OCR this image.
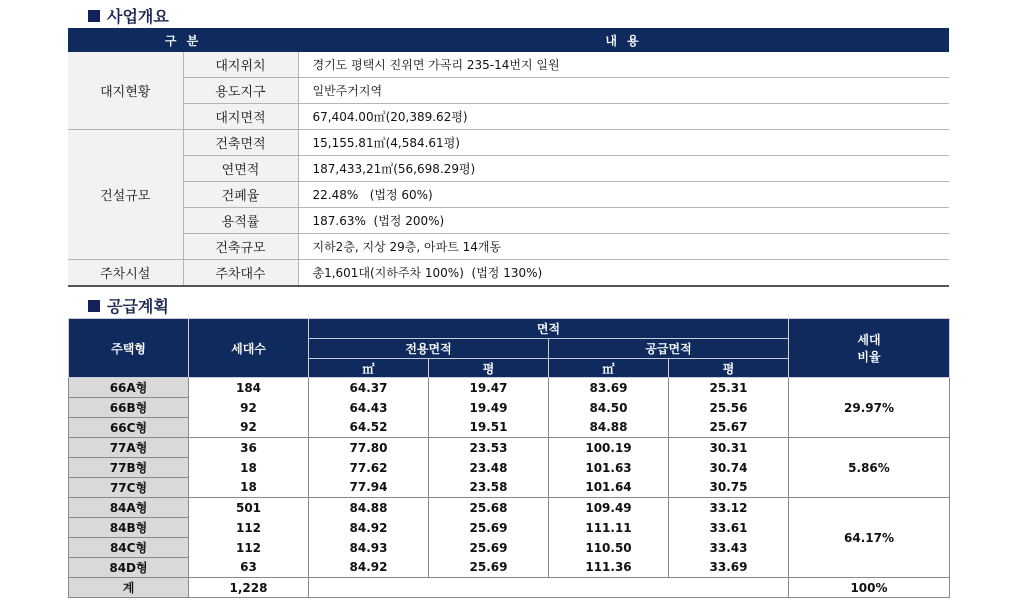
사업개요
구 분		내 용
대지현황	대지위치	경기도 평택시 진위면 가곡리 235-14번지 일원
	용도지구	일반주거지역
	대지면적	67,404.00㎡(20,389.62평)
건설규모	건축면적	15,155.81㎡(4,584.61평)
	연면적	187,433,21㎡(56,698.29평)
	건폐율	22.48%   (법정 60%)
	용적률	187.63%  (법정 200%)
	건축규모	지하2층, 지상 29층, 아파트 14개동
주차시설	주차대수	총1,601대(지하주차 100%)  (법정 130%)
공급계획
주택형	세대수	면적				세대
비율
		전용면적		공급면적		
		㎡	평	㎡	평	
66A형	184	64.37	19.47	83.69	25.31	29.97%
66B형	92	64.43	19.49	84.50	25.56	
66C형	92	64.52	19.51	84.88	25.67	
77A형	36	77.80	23.53	100.19	30.31	5.86%
77B형	18	77.62	23.48	101.63	30.74	
77C형	18	77.94	23.58	101.64	30.75	
84A형	501	84.88	25.68	109.49	33.12	64.17%
84B형	112	84.92	25.69	111.11	33.61	
84C형	112	84.93	25.69	110.50	33.43	
84D형	63	84.92	25.69	111.36	33.69	
계	1,228					100%
